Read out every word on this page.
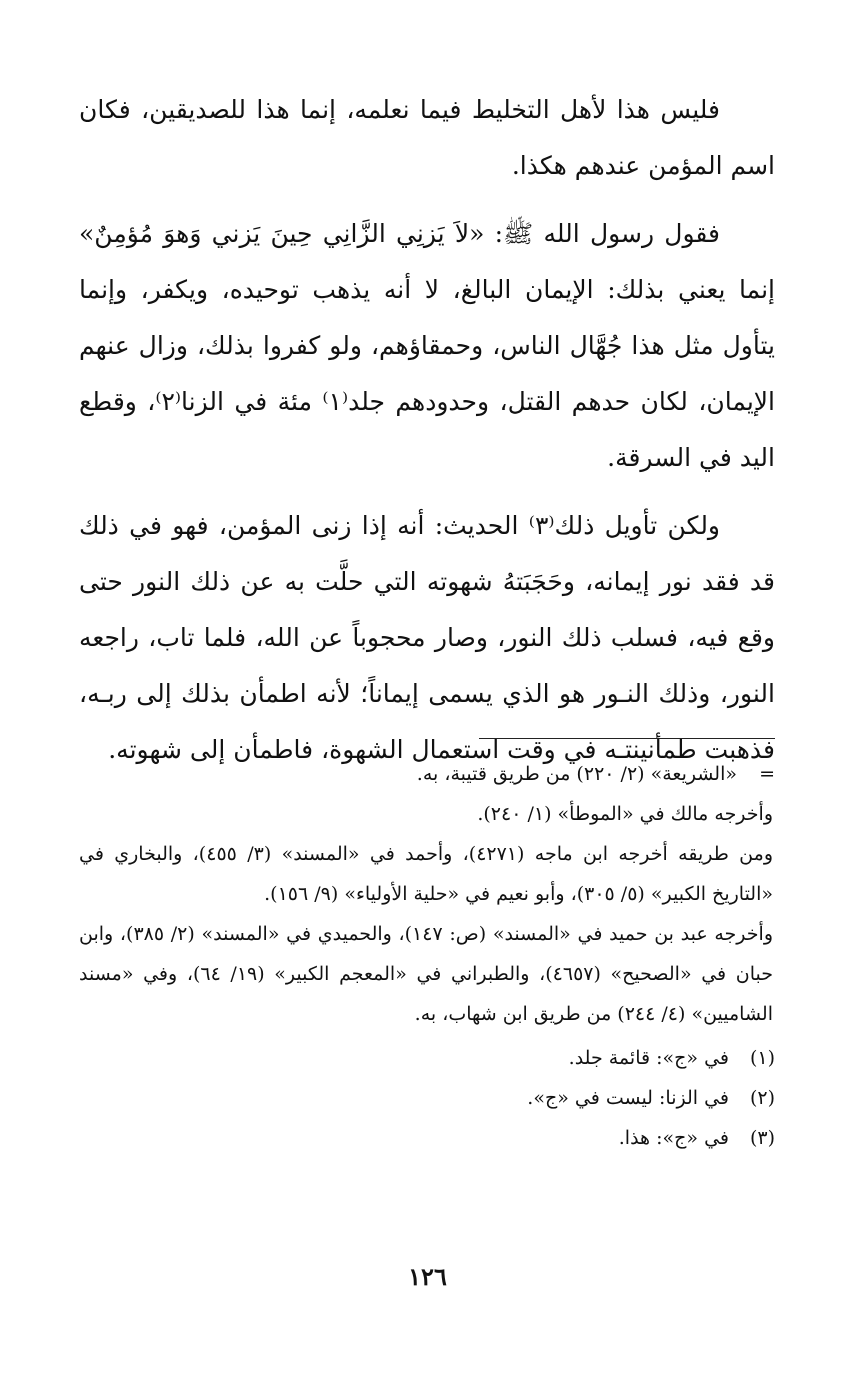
فليس هذا لأهل التخليط فيما نعلمه، إنما هذا للصديقين، فكان اسم المؤمن عندهم هكذا.

فقول رسول الله ﷺ: «لاَ يَزنِي الزَّانِي حِينَ يَزني وَهوَ مُؤمِنٌ» إنما يعني بذلك: الإيمان البالغ، لا أنه يذهب توحيده، ويكفر، وإنما يتأول مثل هذا جُهَّال الناس، وحمقاؤهم، ولو كفروا بذلك، وزال عنهم الإيمان، لكان حدهم القتل، وحدودهم جلد⁽١⁾ مئة في الزنا⁽٢⁾، وقطع اليد في السرقة.

ولكن تأويل ذلك⁽٣⁾ الحديث: أنه إذا زنى المؤمن، فهو في ذلك قد فقد نور إيمانه، وحَجَبَتهُ شهوته التي حلَّت به عن ذلك النور حتى وقع فيه، فسلب ذلك النور، وصار محجوباً عن الله، فلما تاب، راجعه النور، وذلك النـور هو الذي يسمى إيماناً؛ لأنه اطمأن بذلك إلى ربـه، فذهبت طمأنينتـه في وقت استعمال الشهوة، فاطمأن إلى شهوته.

=

«الشريعة» (٢/ ٢٢٠) من طريق قتيبة، به.

وأخرجه مالك في «الموطأ» (١/ ٢٤٠).

ومن طريقه أخرجه ابن ماجه (٤٢٧١)، وأحمد في «المسند» (٣/ ٤٥٥)، والبخاري في «التاريخ الكبير» (٥/ ٣٠٥)، وأبو نعيم في «حلية الأولياء» (٩/ ١٥٦).

وأخرجه عبد بن حميد في «المسند» (ص: ١٤٧)، والحميدي في «المسند» (٢/ ٣٨٥)، وابن حبان في «الصحيح» (٤٦٥٧)، والطبراني في «المعجم الكبير» (١٩/ ٦٤)، وفي «مسند الشاميين» (٤/ ٢٤٤) من طريق ابن شهاب، به.

(١)
في «ج»: قائمة جلد.
(٢)
في الزنا: ليست في «ج».
(٣)
في «ج»: هذا.
١٢٦
